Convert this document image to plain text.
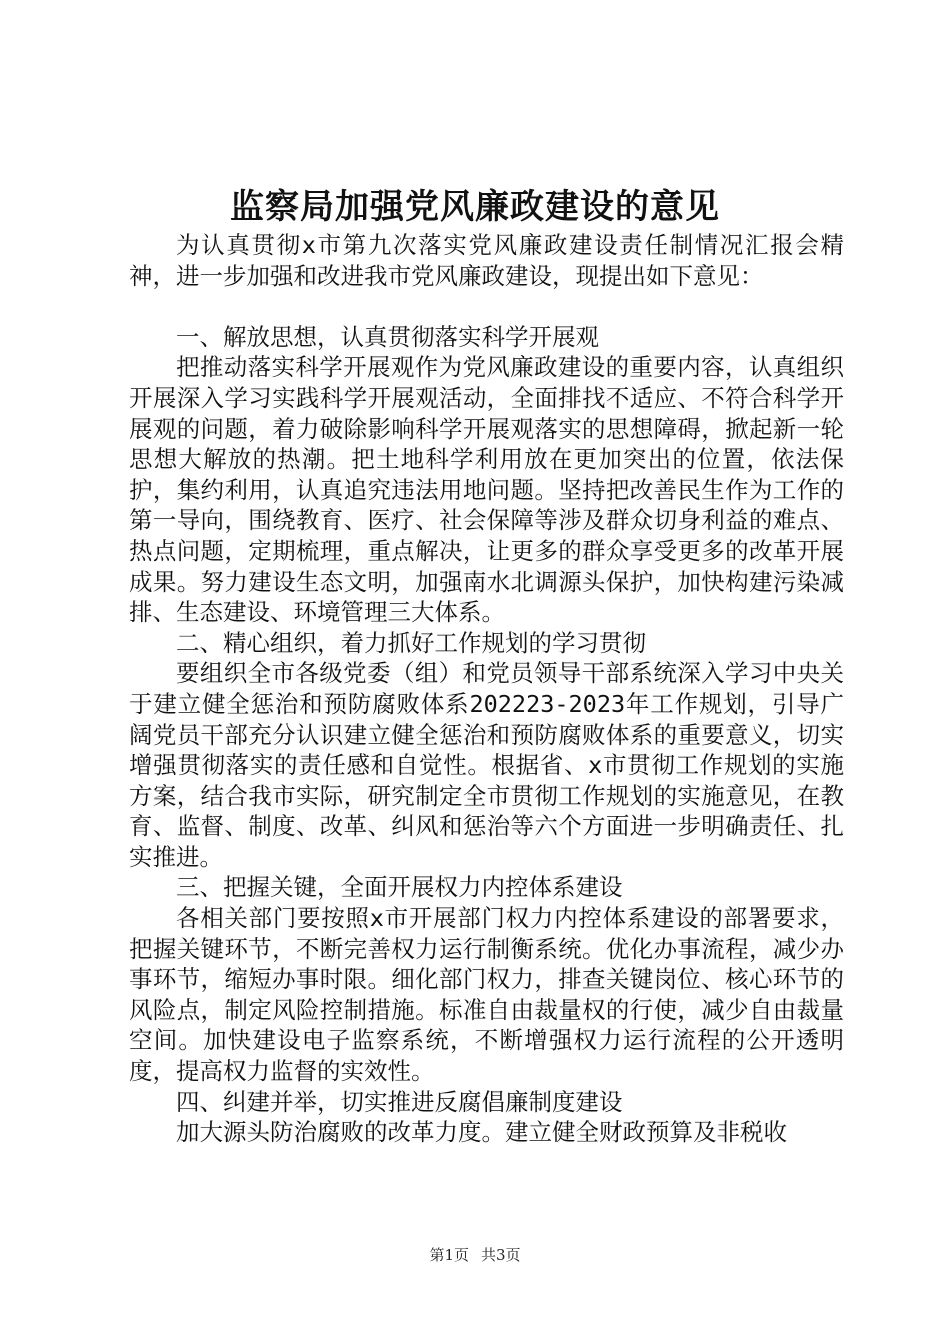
监察局加强党风廉政建设的意见

为认真贯彻x市第九次落实党风廉政建设责任制情况汇报会精神，进一步加强和改进我市党风廉政建设，现提出如下意见：

一、解放思想，认真贯彻落实科学开展观

把推动落实科学开展观作为党风廉政建设的重要内容，认真组织开展深入学习实践科学开展观活动，全面排找不适应、不符合科学开展观的问题，着力破除影响科学开展观落实的思想障碍，掀起新一轮思想大解放的热潮。把土地科学利用放在更加突出的位置，依法保护，集约利用，认真追究违法用地问题。坚持把改善民生作为工作的第一导向，围绕教育、医疗、社会保障等涉及群众切身利益的难点、热点问题，定期梳理，重点解决，让更多的群众享受更多的改革开展成果。努力建设生态文明，加强南水北调源头保护，加快构建污染减排、生态建设、环境管理三大体系。

二、精心组织，着力抓好工作规划的学习贯彻

要组织全市各级党委（组）和党员领导干部系统深入学习中央关于建立健全惩治和预防腐败体系202223-2023年工作规划，引导广阔党员干部充分认识建立健全惩治和预防腐败体系的重要意义，切实增强贯彻落实的责任感和自觉性。根据省、x市贯彻工作规划的实施方案，结合我市实际，研究制定全市贯彻工作规划的实施意见，在教育、监督、制度、改革、纠风和惩治等六个方面进一步明确责任、扎实推进。

三、把握关键，全面开展权力内控体系建设

各相关部门要按照x市开展部门权力内控体系建设的部署要求，把握关键环节，不断完善权力运行制衡系统。优化办事流程，减少办事环节，缩短办事时限。细化部门权力，排查关键岗位、核心环节的风险点，制定风险控制措施。标准自由裁量权的行使，减少自由裁量空间。加快建设电子监察系统，不断增强权力运行流程的公开透明度，提高权力监督的实效性。

四、纠建并举，切实推进反腐倡廉制度建设

加大源头防治腐败的改革力度。建立健全财政预算及非税收

第1页 共3页
